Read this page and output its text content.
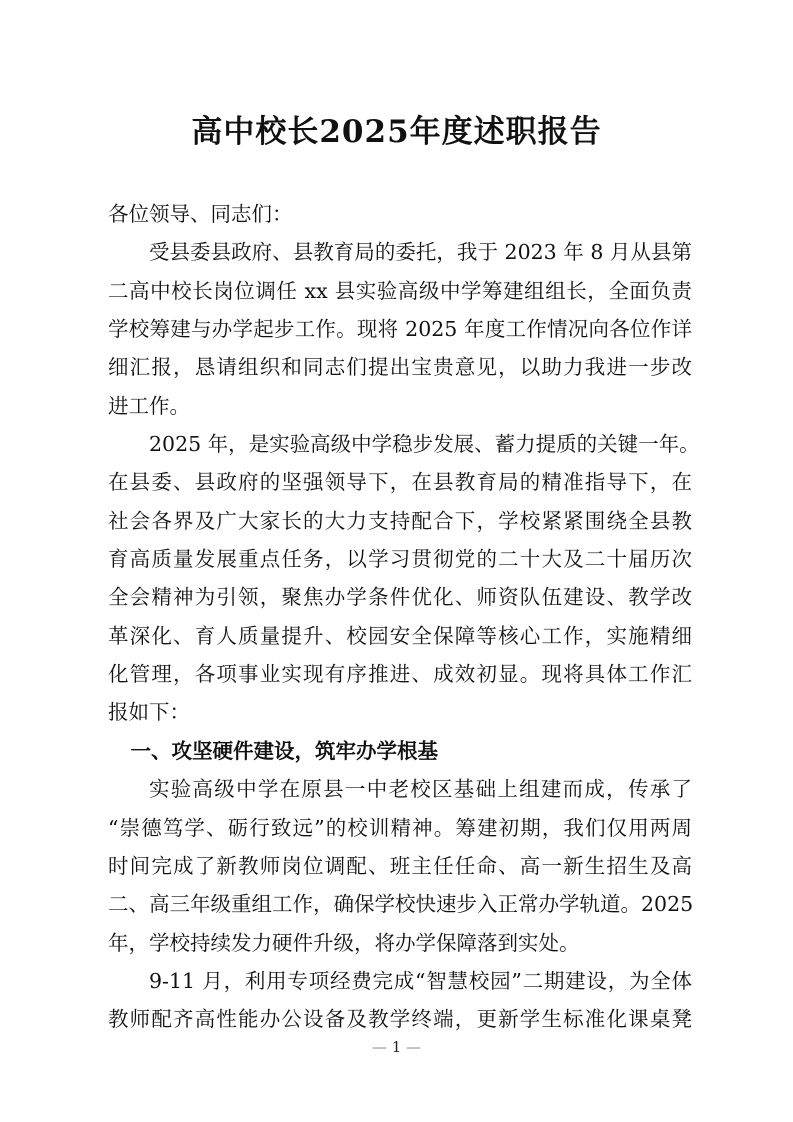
高中校长2025年度述职报告

各位领导、同志们：

受县委县政府、县教育局的委托，我于 2023 年 8 月从县第
二高中校长岗位调任 xx 县实验高级中学筹建组组长，全面负责
学校筹建与办学起步工作。现将 2025 年度工作情况向各位作详
细汇报，恳请组织和同志们提出宝贵意见，以助力我进一步改
进工作。

2025 年，是实验高级中学稳步发展、蓄力提质的关键一年。
在县委、县政府的坚强领导下，在县教育局的精准指导下，在
社会各界及广大家长的大力支持配合下，学校紧紧围绕全县教
育高质量发展重点任务，以学习贯彻党的二十大及二十届历次
全会精神为引领，聚焦办学条件优化、师资队伍建设、教学改
革深化、育人质量提升、校园安全保障等核心工作，实施精细
化管理，各项事业实现有序推进、成效初显。现将具体工作汇
报如下：

一、攻坚硬件建设，筑牢办学根基

实验高级中学在原县一中老校区基础上组建而成，传承了
“崇德笃学、砺行致远”的校训精神。筹建初期，我们仅用两周
时间完成了新教师岗位调配、班主任任命、高一新生招生及高
二、高三年级重组工作，确保学校快速步入正常办学轨道。2025
年，学校持续发力硬件升级，将办学保障落到实处。

9-11 月，利用专项经费完成“智慧校园”二期建设，为全体
教师配齐高性能办公设备及教学终端，更新学生标准化课桌凳

— 1 —
